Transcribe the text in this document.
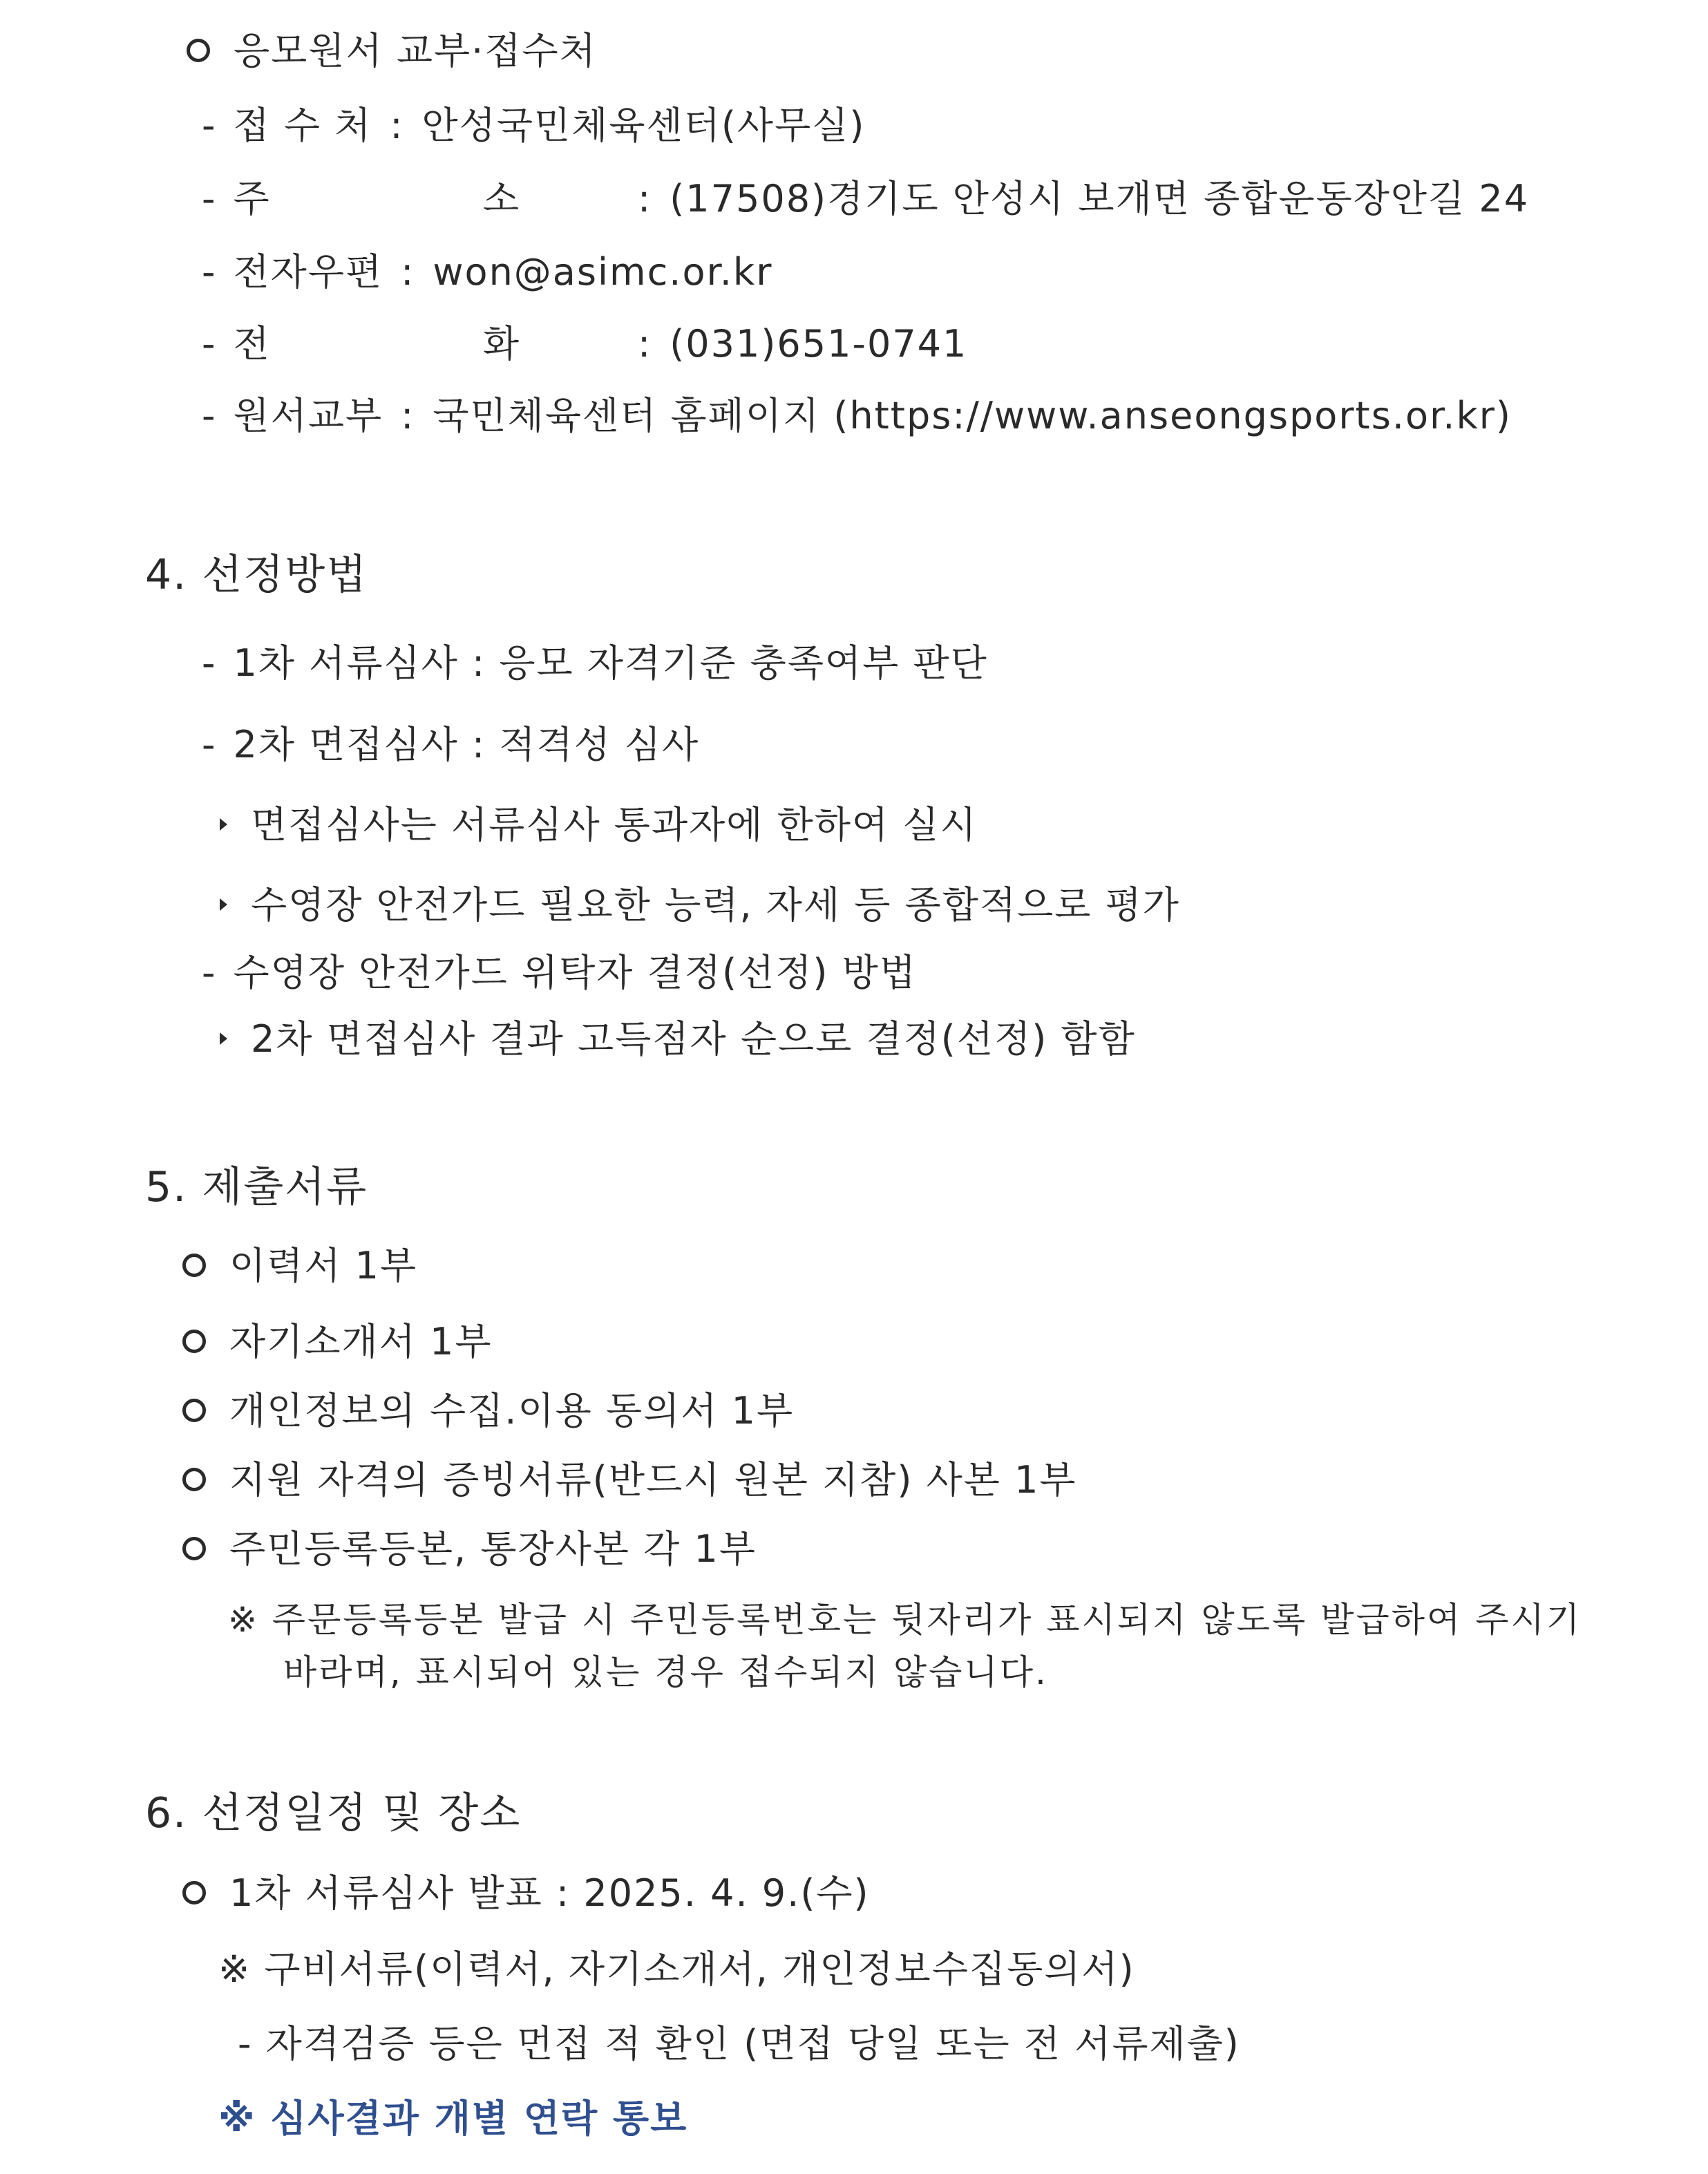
응모원서 교부·접수처
- 접 수 처 : 안성국민체육센터(사무실)
- 주 소 : (17508)경기도 안성시 보개면 종합운동장안길 24
- 전자우편 : won@asimc.or.kr
- 전 화 : (031)651-0741
- 원서교부 : 국민체육센터 홈페이지 (https://www.anseongsports.or.kr)
4. 선정방법
- 1차 서류심사 : 응모 자격기준 충족여부 판단
- 2차 면접심사 : 적격성 심사
면접심사는 서류심사 통과자에 한하여 실시
수영장 안전가드 필요한 능력, 자세 등 종합적으로 평가
- 수영장 안전가드 위탁자 결정(선정) 방법
2차 면접심사 결과 고득점자 순으로 결정(선정) 함함
5. 제출서류
이력서 1부
자기소개서 1부
개인정보의 수집.이용 동의서 1부
지원 자격의 증빙서류(반드시 원본 지참) 사본 1부
주민등록등본, 통장사본 각 1부
※ 주문등록등본 발급 시 주민등록번호는 뒷자리가 표시되지 않도록 발급하여 주시기
바라며, 표시되어 있는 경우 접수되지 않습니다.
6. 선정일정 및 장소
1차 서류심사 발표 : 2025. 4. 9.(수)
※ 구비서류(이력서, 자기소개서, 개인정보수집동의서)
- 자격검증 등은 먼접 적 환인 (면접 당일 또는 전 서류제출)
※ 심사결과 개별 연락 통보
